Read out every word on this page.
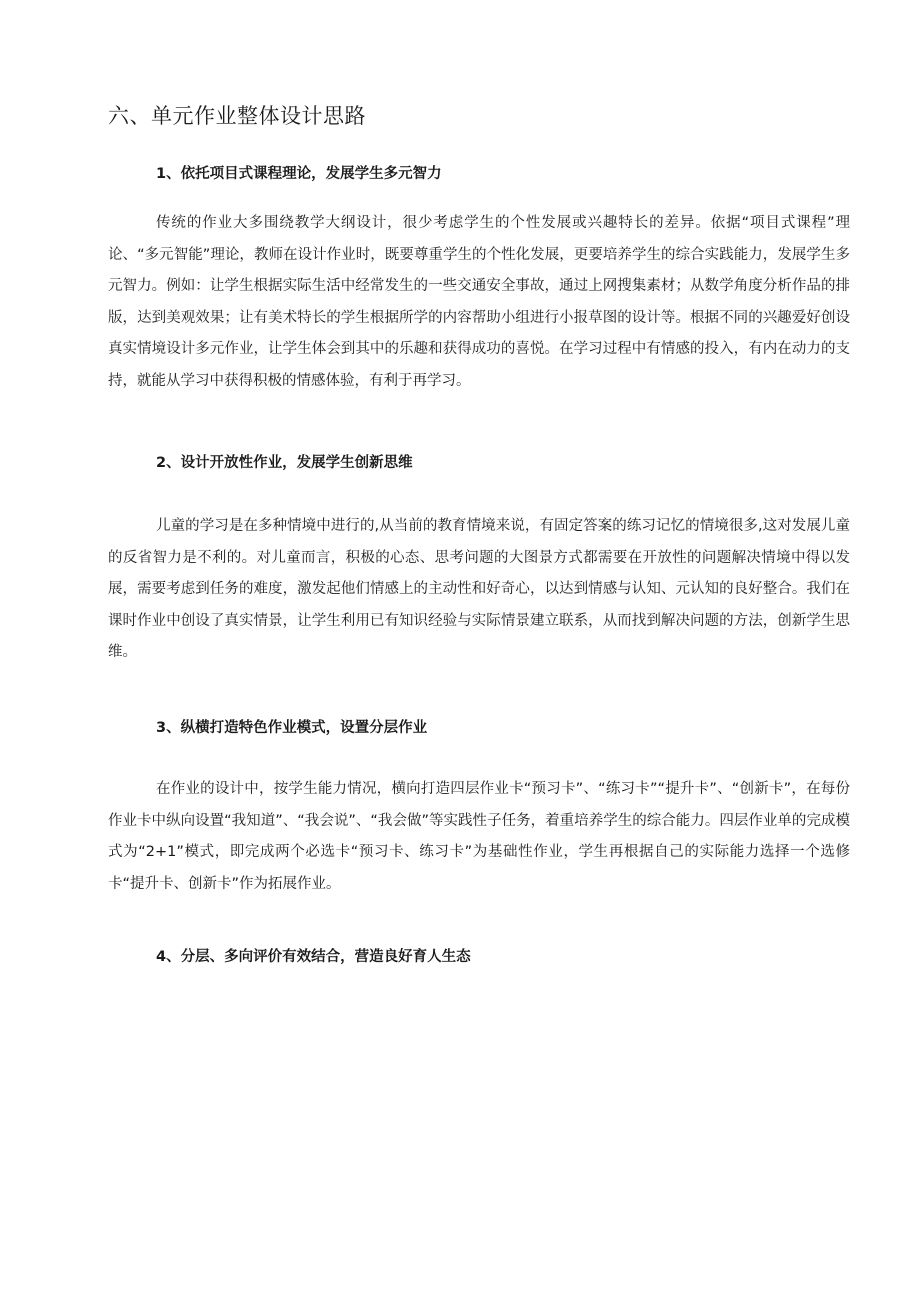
六、单元作业整体设计思路
1、依托项目式课程理论，发展学生多元智力

传统的作业大多围绕教学大纲设计，很少考虑学生的个性发展或兴趣特长的差异。依据“项目式课程”理论、“多元智能”理论，教师在设计作业时，既要尊重学生的个性化发展，更要培养学生的综合实践能力，发展学生多元智力。例如：让学生根据实际生活中经常发生的一些交通安全事故，通过上网搜集素材；从数学角度分析作品的排版，达到美观效果；让有美术特长的学生根据所学的内容帮助小组进行小报草图的设计等。根据不同的兴趣爱好创设真实情境设计多元作业，让学生体会到其中的乐趣和获得成功的喜悦。在学习过程中有情感的投入，有内在动力的支持，就能从学习中获得积极的情感体验，有利于再学习。

2、设计开放性作业，发展学生创新思维

儿童的学习是在多种情境中进行的,从当前的教育情境来说，有固定答案的练习记忆的情境很多,这对发展儿童的反省智力是不利的。对儿童而言，积极的心态、思考问题的大图景方式都需要在开放性的问题解决情境中得以发展，需要考虑到任务的难度，激发起他们情感上的主动性和好奇心，以达到情感与认知、元认知的良好整合。我们在课时作业中创设了真实情景，让学生利用已有知识经验与实际情景建立联系，从而找到解决问题的方法，创新学生思维。

3、纵横打造特色作业模式，设置分层作业

在作业的设计中，按学生能力情况，横向打造四层作业卡“预习卡”、“练习卡”“提升卡”、“创新卡”，在每份作业卡中纵向设置“我知道”、“我会说”、“我会做”等实践性子任务，着重培养学生的综合能力。四层作业单的完成模式为“2+1”模式，即完成两个必选卡“预习卡、练习卡”为基础性作业，学生再根据自己的实际能力选择一个选修卡“提升卡、创新卡”作为拓展作业。

4、分层、多向评价有效结合，营造良好育人生态
